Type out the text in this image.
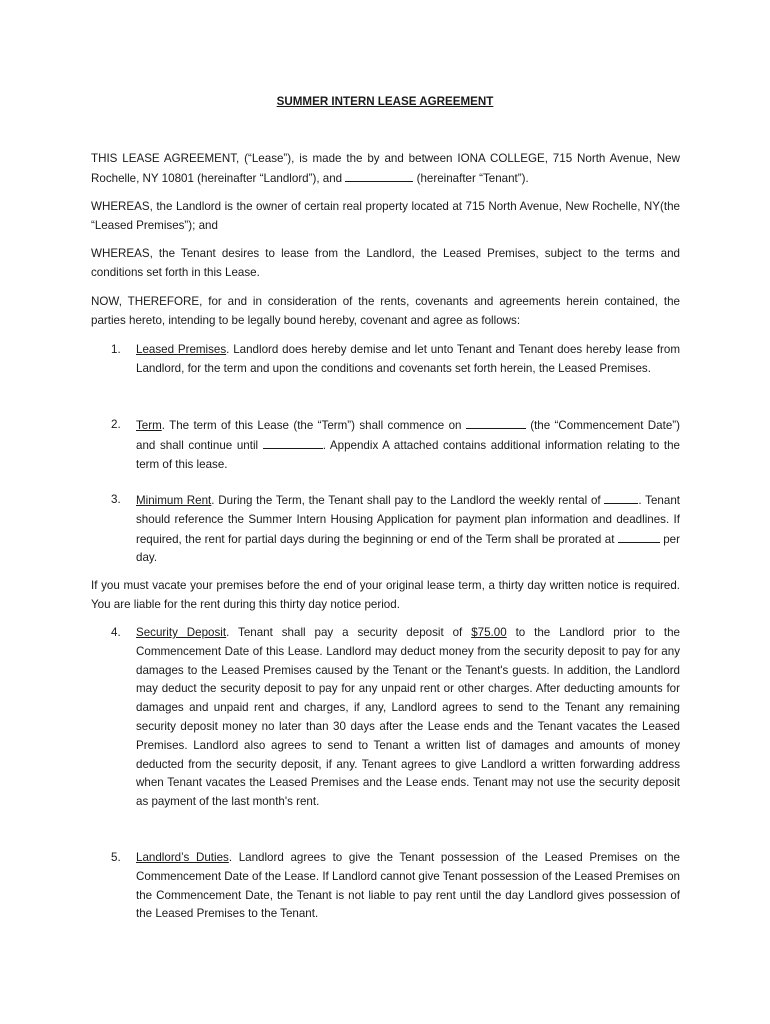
SUMMER INTERN LEASE AGREEMENT

THIS LEASE AGREEMENT, (“Lease”), is made the by and between IONA COLLEGE, 715 North Avenue, New Rochelle, NY 10801 (hereinafter “Landlord”), and	(hereinafter “Tenant”).

WHEREAS, the Landlord is the owner of certain real property located at 715 North Avenue, New Rochelle, NY(the “Leased Premises”); and

WHEREAS, the Tenant desires to lease from the Landlord, the Leased Premises, subject to the terms and conditions set forth in this Lease.

NOW, THEREFORE, for and in consideration of the rents, covenants and agreements herein contained, the parties hereto, intending to be legally bound hereby, covenant and agree as follows:

1. Leased Premises. Landlord does hereby demise and let unto Tenant and Tenant does hereby lease from Landlord, for the term and upon the conditions and covenants set forth herein, the Leased Premises.
2. Term. The term of this Lease (the “Term”) shall commence on	(the “Commencement Date”) and shall continue until	. Appendix A attached contains additional information relating to the term of this lease.
3. Minimum Rent. During the Term, the Tenant shall pay to the Landlord the weekly rental of	. Tenant should reference the Summer Intern Housing Application for payment plan information and deadlines. If required, the rent for partial days during the beginning or end of the Term shall be prorated at	per day.

If you must vacate your premises before the end of your original lease term, a thirty day written notice is required. You are liable for the rent during this thirty day notice period.

4. Security Deposit. Tenant shall pay a security deposit of $75.00 to the Landlord prior to the Commencement Date of this Lease. Landlord may deduct money from the security deposit to pay for any damages to the Leased Premises caused by the Tenant or the Tenant's guests. In addition, the Landlord may deduct the security deposit to pay for any unpaid rent or other charges. After deducting amounts for damages and unpaid rent and charges, if any, Landlord agrees to send to the Tenant any remaining security deposit money no later than 30 days after the Lease ends and the Tenant vacates the Leased Premises. Landlord also agrees to send to Tenant a written list of damages and amounts of money deducted from the security deposit, if any. Tenant agrees to give Landlord a written forwarding address when Tenant vacates the Leased Premises and the Lease ends. Tenant may not use the security deposit as payment of the last month's rent.
5. Landlord’s Duties. Landlord agrees to give the Tenant possession of the Leased Premises on the Commencement Date of the Lease. If Landlord cannot give Tenant possession of the Leased Premises on the Commencement Date, the Tenant is not liable to pay rent until the day Landlord gives possession of the Leased Premises to the Tenant.
